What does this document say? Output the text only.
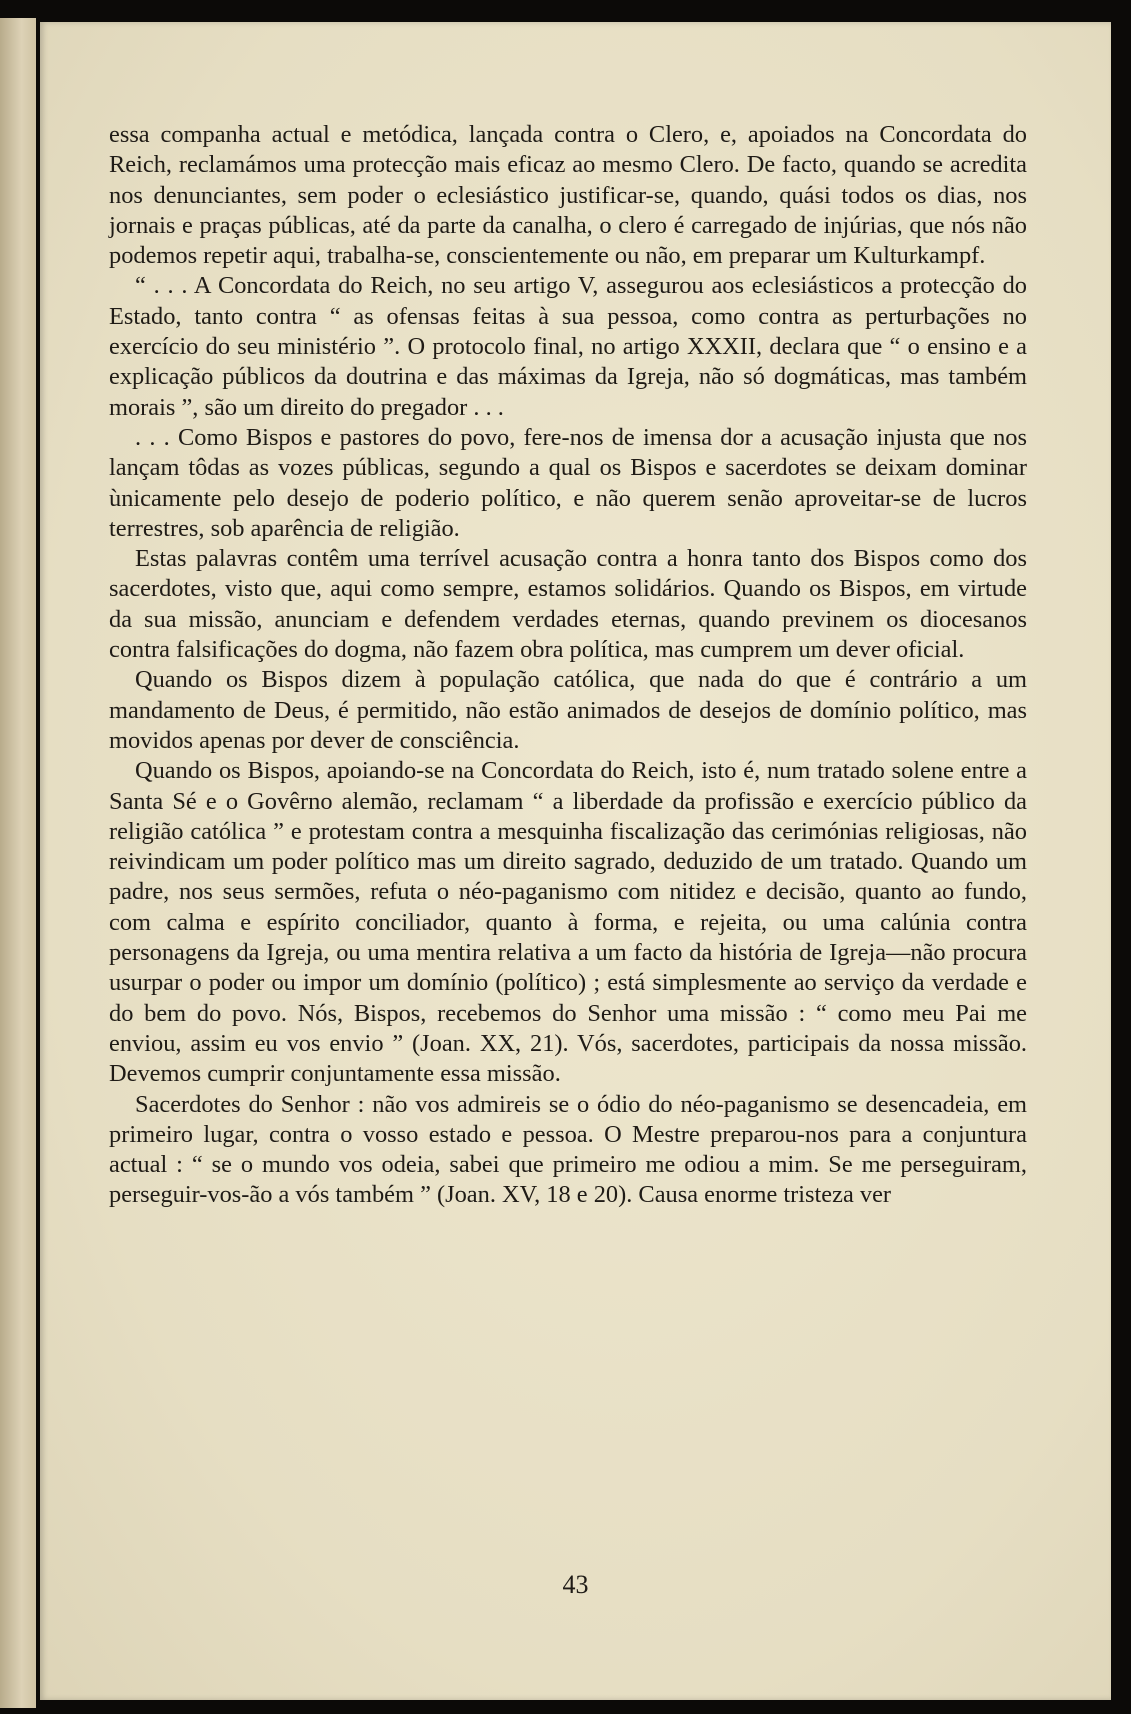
essa companha actual e metódica, lançada contra o Clero, e, apoiados na Concordata do Reich, reclamámos uma protecção mais eficaz ao mesmo Clero. De facto, quando se acredita nos denunciantes, sem poder o eclesiástico justificar-se, quando, quási todos os dias, nos jornais e praças públicas, até da parte da canalha, o clero é carregado de injúrias, que nós não podemos repetir aqui, trabalha-se, conscientemente ou não, em preparar um Kulturkampf.

“ . . . A Concordata do Reich, no seu artigo V, assegurou aos eclesiásticos a protecção do Estado, tanto contra “ as ofensas feitas à sua pessoa, como contra as perturbações no exercício do seu ministério ”. O protocolo final, no artigo XXXII, declara que “ o ensino e a explicação públicos da doutrina e das máximas da Igreja, não só dogmáticas, mas também morais ”, são um direito do pregador . . .

. . . Como Bispos e pastores do povo, fere-nos de imensa dor a acusação injusta que nos lançam tôdas as vozes públicas, segundo a qual os Bispos e sacerdotes se deixam dominar ùnicamente pelo desejo de poderio político, e não querem senão aproveitar-se de lucros terrestres, sob aparência de religião.

Estas palavras contêm uma terrível acusação contra a honra tanto dos Bispos como dos sacerdotes, visto que, aqui como sempre, estamos solidários. Quando os Bispos, em virtude da sua missão, anunciam e defendem verdades eternas, quando previnem os diocesanos contra falsificações do dogma, não fazem obra política, mas cumprem um dever oficial.

Quando os Bispos dizem à população católica, que nada do que é contrário a um mandamento de Deus, é permitido, não estão animados de desejos de domínio político, mas movidos apenas por dever de consciência.

Quando os Bispos, apoiando-se na Concordata do Reich, isto é, num tratado solene entre a Santa Sé e o Govêrno alemão, reclamam “ a liberdade da profissão e exercício público da religião católica ” e protestam contra a mesquinha fiscalização das cerimónias religiosas, não reivindicam um poder político mas um direito sagrado, deduzido de um tratado. Quando um padre, nos seus sermões, refuta o néo-paganismo com nitidez e decisão, quanto ao fundo, com calma e espírito conciliador, quanto à forma, e rejeita, ou uma calúnia contra personagens da Igreja, ou uma mentira relativa a um facto da história de Igreja—não procura usurpar o poder ou impor um domínio (político) ; está simplesmente ao serviço da verdade e do bem do povo. Nós, Bispos, recebemos do Senhor uma missão : “ como meu Pai me enviou, assim eu vos envio ” (Joan. XX, 21). Vós, sacerdotes, participais da nossa missão. Devemos cumprir conjuntamente essa missão.

Sacerdotes do Senhor : não vos admireis se o ódio do néo-paganismo se desencadeia, em primeiro lugar, contra o vosso estado e pessoa. O Mestre preparou-nos para a conjuntura actual : “ se o mundo vos odeia, sabei que primeiro me odiou a mim. Se me perseguiram, perseguir-vos-ão a vós também ” (Joan. XV, 18 e 20). Causa enorme tristeza ver

43
